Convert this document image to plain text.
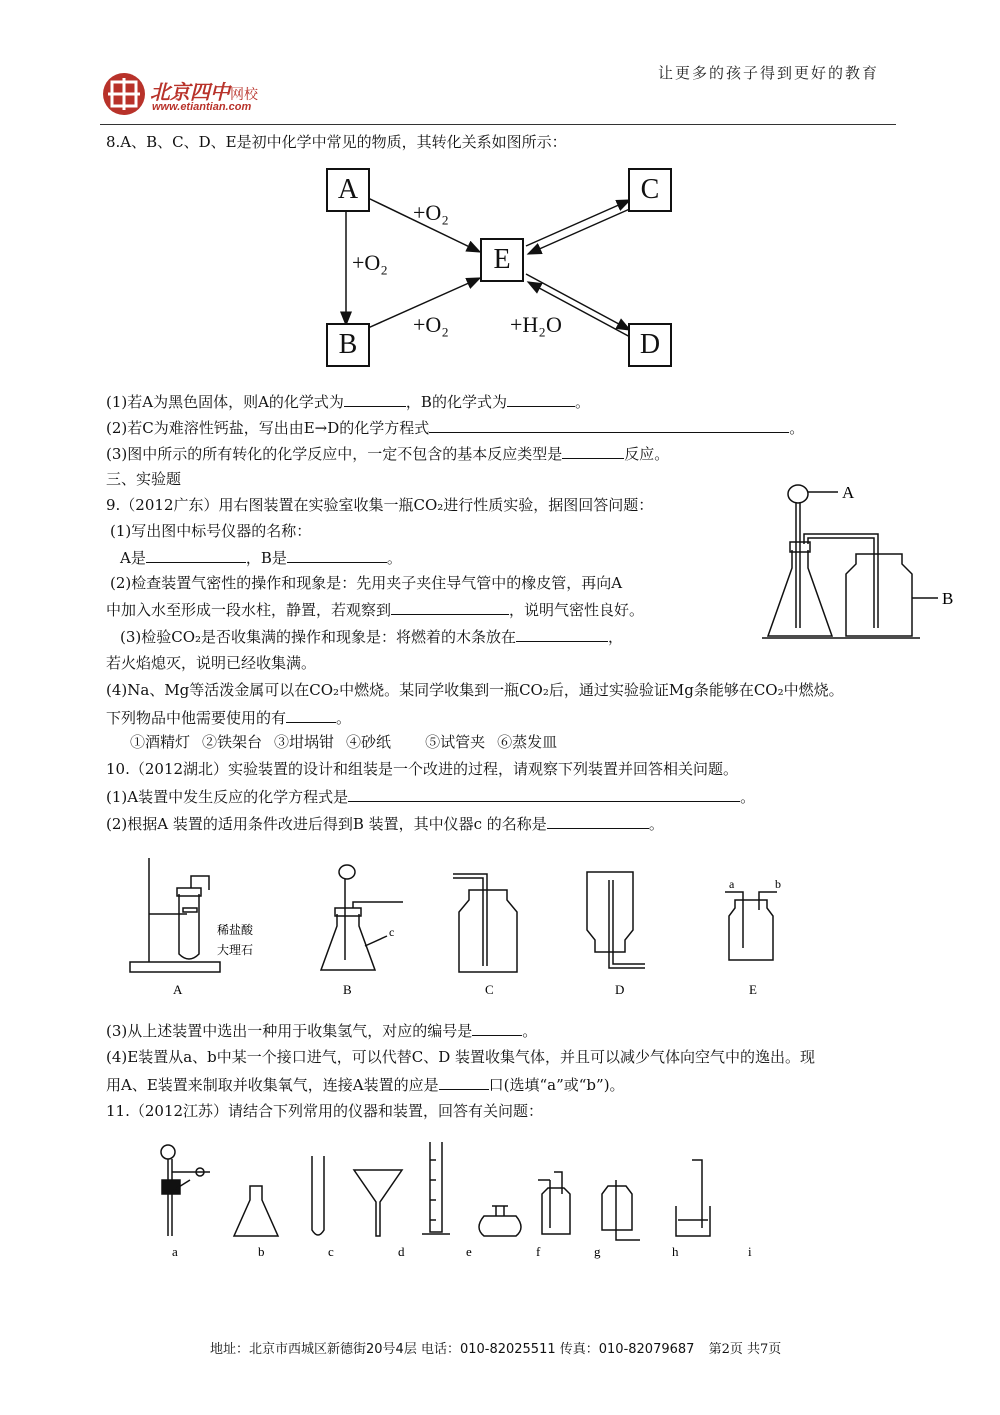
北京四中网校
www.etiantian.com
让更多的孩子得到更好的教育
8.A、B、C、D、E是初中化学中常见的物质，其转化关系如图所示：
A
B
C
D
E
+O₂
+O₂
+O₂	+H₂O
(1)若A为黑色固体，则A的化学式为	，B的化学式为	。
(2)若C为难溶性钙盐，写出由E→D的化学方程式	。
(3)图中所示的所有转化的化学反应中，一定不包含的基本反应类型是	反应。
三、实验题
9.（2012广东）用右图装置在实验室收集一瓶CO₂进行性质实验，据图回答问题：
(1)写出图中标号仪器的名称：
A是	，B是	。
(2)检查装置气密性的操作和现象是：先用夹子夹住导气管中的橡皮管，再向A
中加入水至形成一段水柱，静置，若观察到	，说明气密性良好。
(3)检验CO₂是否收集满的操作和现象是：将燃着的木条放在	，
若火焰熄灭，说明已经收集满。
(4)Na、Mg等活泼金属可以在CO₂中燃烧。某同学收集到一瓶CO₂后，通过实验验证Mg条能够在CO₂中燃烧。
下列物品中他需要使用的有	。
①酒精灯 ②铁架台 ③坩埚钳 ④砂纸 ⑤试管夹 ⑥蒸发皿
A
B
10.（2012湖北）实验装置的设计和组装是一个改进的过程，请观察下列装置并回答相关问题。
(1)A装置中发生反应的化学方程式是	。
(2)根据A 装置的适用条件改进后得到B 装置，其中仪器c 的名称是	。
稀盐酸
大理石
c
a	b
A	B	C	D	E
(3)从上述装置中选出一种用于收集氢气，对应的编号是	。
(4)E装置从a、b中某一个接口进气，可以代替C、D 装置收集气体，并且可以减少气体向空气中的逸出。现
用A、E装置来制取并收集氧气，连接A装置的应是	口(选填“a”或“b”)。
11.（2012江苏）请结合下列常用的仪器和装置，回答有关问题：
a	b	c	d	e	f	g	h	i
地址：北京市西城区新德街20号4层 电话：010-82025511 传真：010-82079687 第2页 共7页
